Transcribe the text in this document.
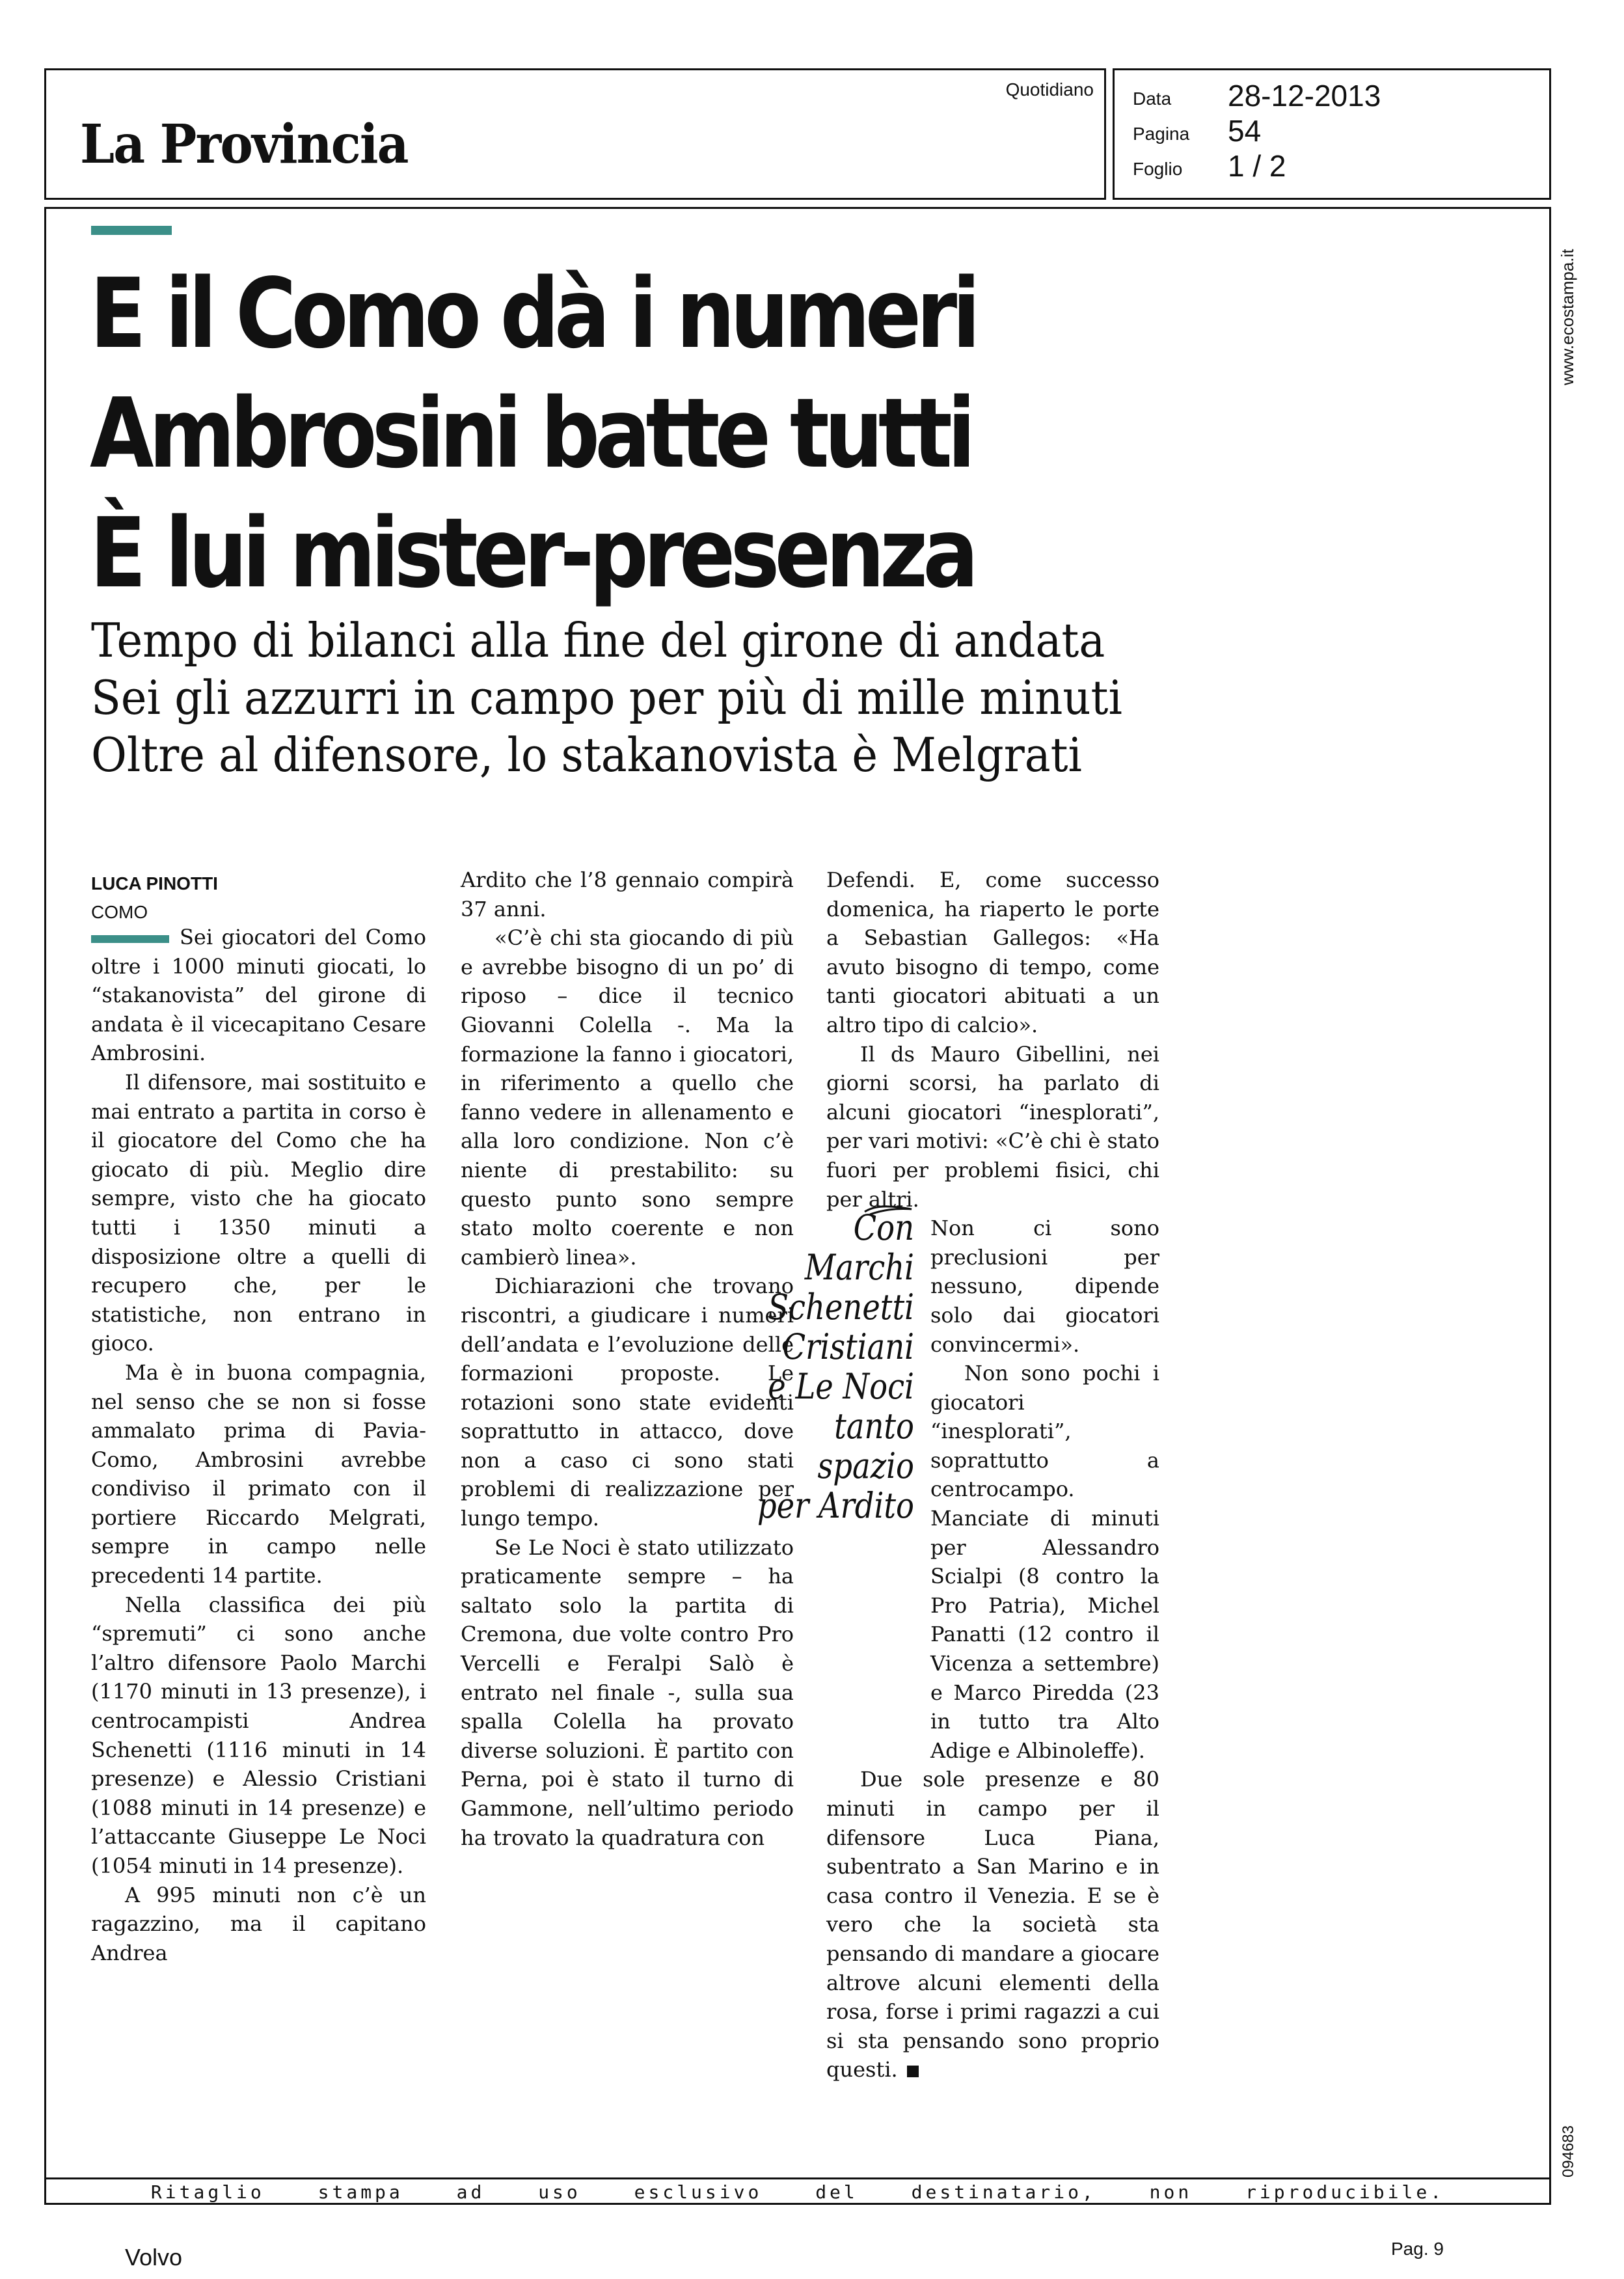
La Provincia
Quotidiano Data 28-12-2013
Pagina 54
Foglio 1 / 2
E il Como dà i numeri
Ambrosini batte tutti
È lui mister-presenza
Tempo di bilanci alla fine del girone di andata
Sei gli azzurri in campo per più di mille minuti
Oltre al difensore, lo stakanovista è Melgrati
LUCA PINOTTI
COMO

Sei giocatori del Como oltre i 1000 minuti giocati, lo “stakanovista” del girone di andata è il vicecapitano Cesare Ambrosini.

Il difensore, mai sostituito e mai entrato a partita in corso è il giocatore del Como che ha giocato di più. Meglio dire sempre, visto che ha giocato tutti i 1350 minuti a disposizione oltre a quelli di recupero che, per le statistiche, non entrano in gioco.

Ma è in buona compagnia, nel senso che se non si fosse ammalato prima di Pavia-Como, Ambrosini avrebbe condiviso il primato con il portiere Riccardo Melgrati, sempre in campo nelle precedenti 14 partite.

Nella classifica dei più “spremuti” ci sono anche l’altro difensore Paolo Marchi (1170 minuti in 13 presenze), i centrocampisti Andrea Schenetti (1116 minuti in 14 presenze) e Alessio Cristiani (1088 minuti in 14 presenze) e l’attaccante Giuseppe Le Noci (1054 minuti in 14 presenze).

A 995 minuti non c’è un ragazzino, ma il capitano Andrea

Ardito che l’8 gennaio compirà 37 anni.

«C’è chi sta giocando di più e avrebbe bisogno di un po’ di riposo – dice il tecnico Giovanni Colella -. Ma la formazione la fanno i giocatori, in riferimento a quello che fanno vedere in allenamento e alla loro condizione. Non c’è niente di prestabilito: su questo punto sono sempre stato molto coerente e non cambierò linea».

Dichiarazioni che trovano riscontri, a giudicare i numeri dell’andata e l’evoluzione delle formazioni proposte. Le rotazioni sono state evidenti soprattutto in attacco, dove non a caso ci sono stati problemi di realizzazione per lungo tempo.

Se Le Noci è stato utilizzato praticamente sempre – ha saltato solo la partita di Cremona, due volte contro Pro Vercelli e Feralpi Salò è entrato nel finale -, sulla sua spalla Colella ha provato diverse soluzioni. È partito con Perna, poi è stato il turno di Gammone, nell’ultimo periodo ha trovato la quadratura con

Defendi. E, come successo domenica, ha riaperto le porte a Sebastian Gallegos: «Ha avuto bisogno di tempo, come tanti giocatori abituati a un altro tipo di calcio».

Il ds Mauro Gibellini, nei giorni scorsi, ha parlato di alcuni giocatori “inesplorati”, per vari motivi: «C’è chi è stato fuori per problemi fisici, chi per altri.

Non ci sono preclusioni per nessuno, dipende solo dai giocatori convincermi».

Non sono pochi i giocatori “inesplorati”, soprattutto a centrocampo. Manciate di minuti per Alessandro Scialpi (8 contro la Pro Patria), Michel Panatti (12 contro il Vicenza a settembre) e Marco Piredda (23 in tutto tra Alto Adige e Albinoleffe).

Due sole presenze e 80 minuti in campo per il difensore Luca Piana, subentrato a San Marino e in casa contro il Venezia. E se è vero che la società sta pensando di mandare a giocare altrove alcuni elementi della rosa, forse i primi ragazzi a cui si sta pensando sono proprio questi.

Con Marchi
Schenetti
Cristiani
e Le Noci
tanto spazio
per Ardito
Ritaglio stampa ad uso esclusivo del destinatario, non riproducibile.
www.ecostampa.it
094683
Volvo	Pag. 9
